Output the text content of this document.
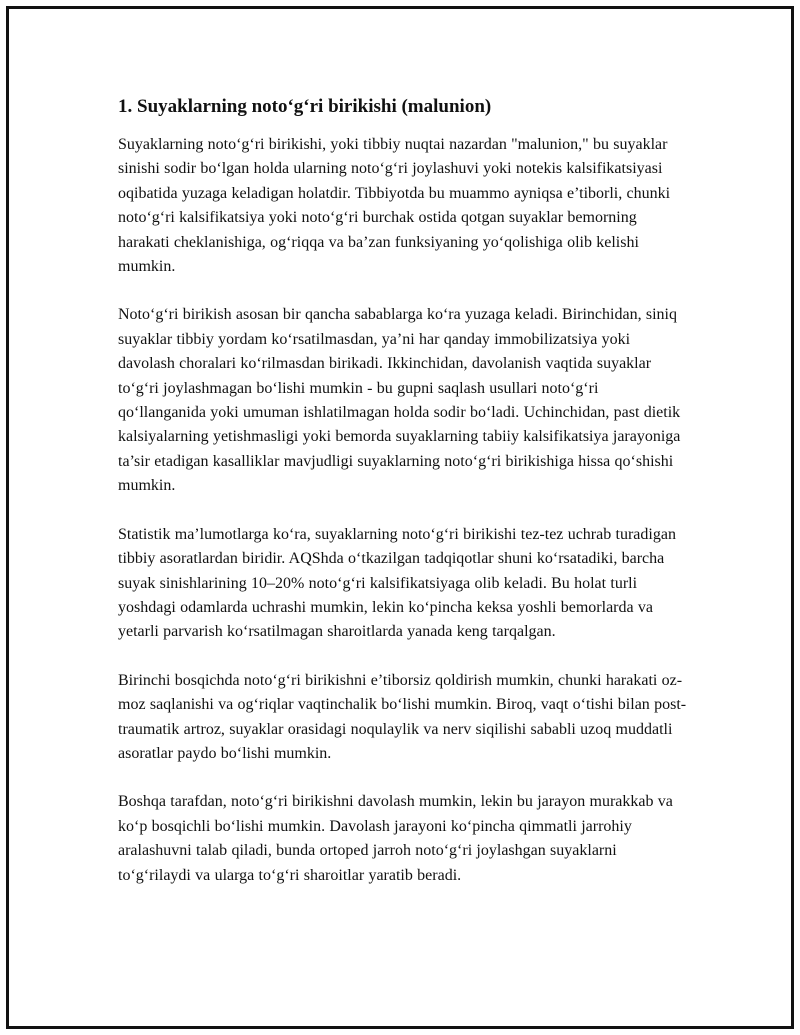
1. Suyaklarning noto‘g‘ri birikishi (malunion)

Suyaklarning noto‘g‘ri birikishi, yoki tibbiy nuqtai nazardan "malunion," bu suyaklar sinishi sodir bo‘lgan holda ularning noto‘g‘ri joylashuvi yoki notekis kalsifikatsiyasi oqibatida yuzaga keladigan holatdir. Tibbiyotda bu muammo ayniqsa e’tiborli, chunki noto‘g‘ri kalsifikatsiya yoki noto‘g‘ri burchak ostida qotgan suyaklar bemorning harakati cheklanishiga, og‘riqqa va ba’zan funksiyaning yo‘qolishiga olib kelishi mumkin.

Noto‘g‘ri birikish asosan bir qancha sabablarga ko‘ra yuzaga keladi. Birinchidan, siniq suyaklar tibbiy yordam ko‘rsatilmasdan, ya’ni har qanday immobilizatsiya yoki davolash choralari ko‘rilmasdan birikadi. Ikkinchidan, davolanish vaqtida suyaklar to‘g‘ri joylashmagan bo‘lishi mumkin - bu gupni saqlash usullari noto‘g‘ri qo‘llanganida yoki umuman ishlatilmagan holda sodir bo‘ladi. Uchinchidan, past dietik kalsiyalarning yetishmasligi yoki bemorda suyaklarning tabiiy kalsifikatsiya jarayoniga ta’sir etadigan kasalliklar mavjudligi suyaklarning noto‘g‘ri birikishiga hissa qo‘shishi mumkin.

Statistik ma’lumotlarga ko‘ra, suyaklarning noto‘g‘ri birikishi tez-tez uchrab turadigan tibbiy asoratlardan biridir. AQShda o‘tkazilgan tadqiqotlar shuni ko‘rsatadiki, barcha suyak sinishlarining 10–20% noto‘g‘ri kalsifikatsiyaga olib keladi. Bu holat turli yoshdagi odamlarda uchrashi mumkin, lekin ko‘pincha keksa yoshli bemorlarda va yetarli parvarish ko‘rsatilmagan sharoitlarda yanada keng tarqalgan.

Birinchi bosqichda noto‘g‘ri birikishni e’tiborsiz qoldirish mumkin, chunki harakati oz-moz saqlanishi va og‘riqlar vaqtinchalik bo‘lishi mumkin. Biroq, vaqt o‘tishi bilan post-traumatik artroz, suyaklar orasidagi noqulaylik va nerv siqilishi sababli uzoq muddatli asoratlar paydo bo‘lishi mumkin.

Boshqa tarafdan, noto‘g‘ri birikishni davolash mumkin, lekin bu jarayon murakkab va ko‘p bosqichli bo‘lishi mumkin. Davolash jarayoni ko‘pincha qimmatli jarrohiy aralashuvni talab qiladi, bunda ortoped jarroh noto‘g‘ri joylashgan suyaklarni to‘g‘rilaydi va ularga to‘g‘ri sharoitlar yaratib beradi.
